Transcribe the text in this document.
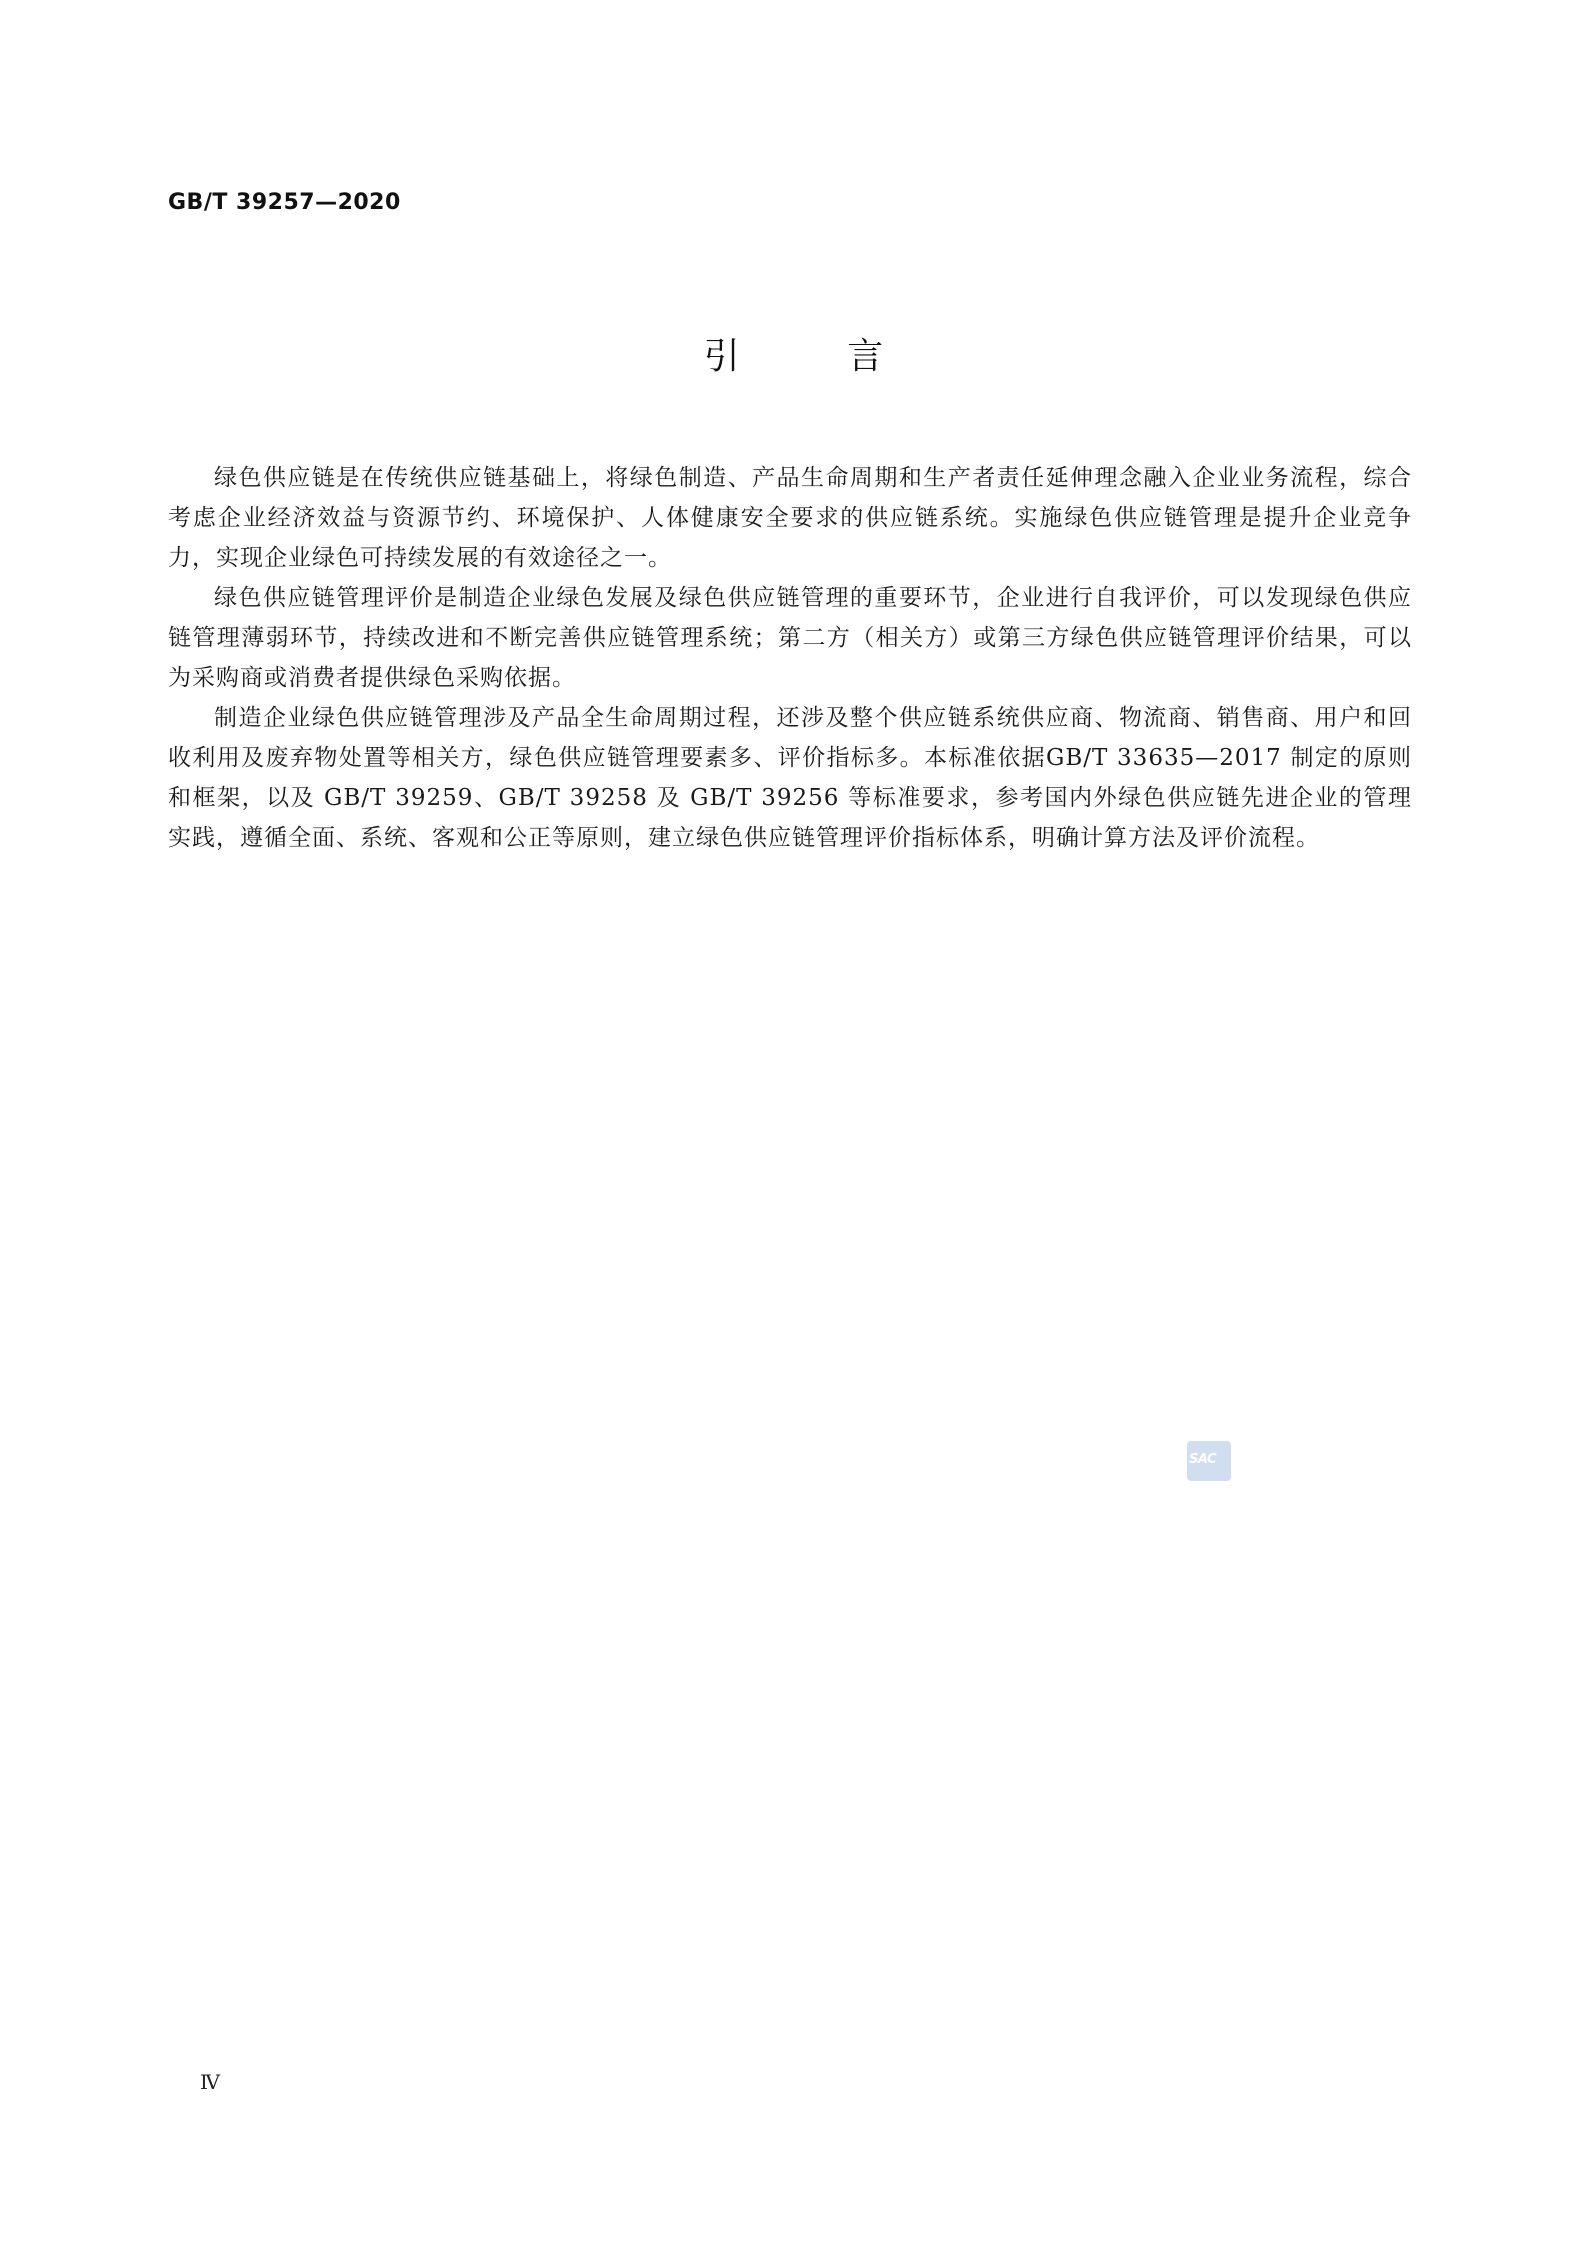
GB/T 39257—2020
引 言

绿色供应链是在传统供应链基础上，将绿色制造、产品生命周期和生产者责任延伸理念融入企业业务流程，综合考虑企业经济效益与资源节约、环境保护、人体健康安全要求的供应链系统。实施绿色供应链管理是提升企业竞争力，实现企业绿色可持续发展的有效途径之一。

绿色供应链管理评价是制造企业绿色发展及绿色供应链管理的重要环节，企业进行自我评价，可以发现绿色供应链管理薄弱环节，持续改进和不断完善供应链管理系统；第二方（相关方）或第三方绿色供应链管理评价结果，可以为采购商或消费者提供绿色采购依据。

制造企业绿色供应链管理涉及产品全生命周期过程，还涉及整个供应链系统供应商、物流商、销售商、用户和回收利用及废弃物处置等相关方，绿色供应链管理要素多、评价指标多。本标准依据GB/T 33635—2017 制定的原则和框架，以及 GB/T 39259、GB/T 39258 及 GB/T 39256 等标准要求，参考国内外绿色供应链先进企业的管理实践，遵循全面、系统、客观和公正等原则，建立绿色供应链管理评价指标体系，明确计算方法及评价流程。

SAC
Ⅳ
